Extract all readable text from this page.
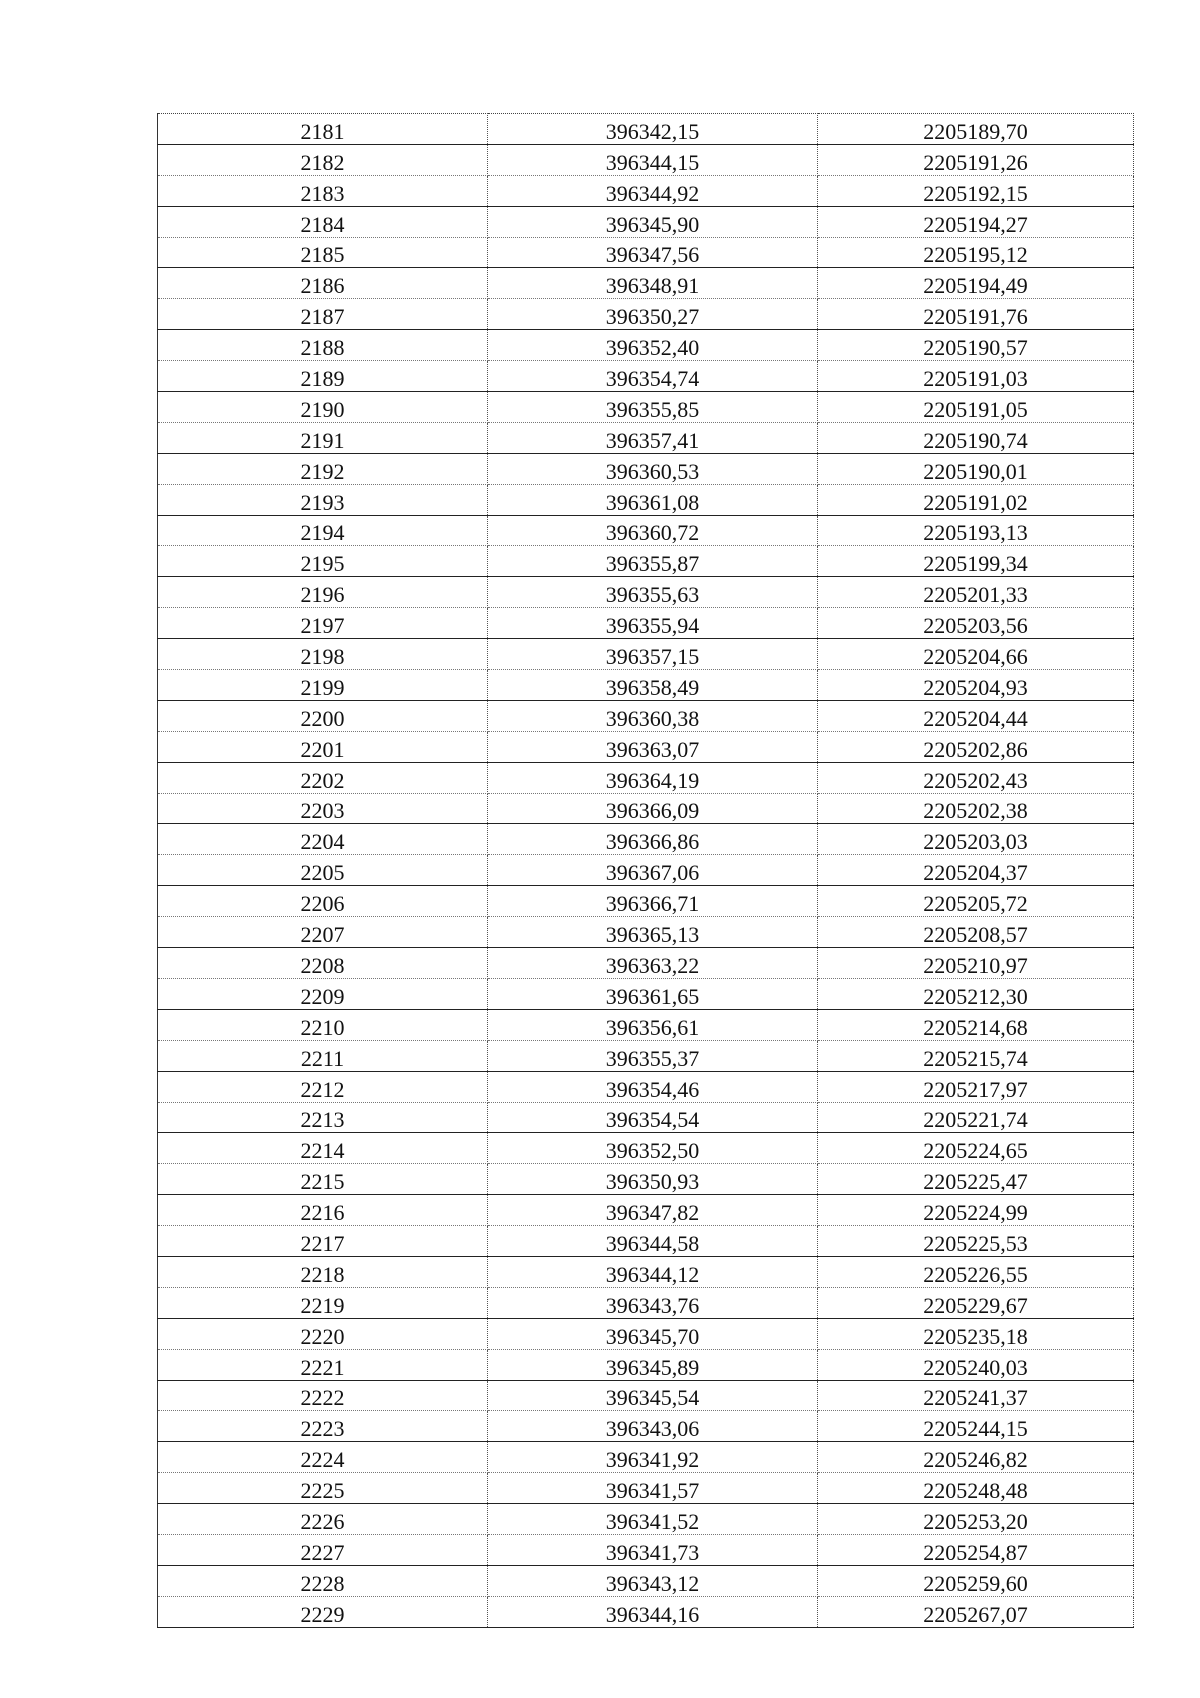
2181	396342,15	2205189,70
2182	396344,15	2205191,26
2183	396344,92	2205192,15
2184	396345,90	2205194,27
2185	396347,56	2205195,12
2186	396348,91	2205194,49
2187	396350,27	2205191,76
2188	396352,40	2205190,57
2189	396354,74	2205191,03
2190	396355,85	2205191,05
2191	396357,41	2205190,74
2192	396360,53	2205190,01
2193	396361,08	2205191,02
2194	396360,72	2205193,13
2195	396355,87	2205199,34
2196	396355,63	2205201,33
2197	396355,94	2205203,56
2198	396357,15	2205204,66
2199	396358,49	2205204,93
2200	396360,38	2205204,44
2201	396363,07	2205202,86
2202	396364,19	2205202,43
2203	396366,09	2205202,38
2204	396366,86	2205203,03
2205	396367,06	2205204,37
2206	396366,71	2205205,72
2207	396365,13	2205208,57
2208	396363,22	2205210,97
2209	396361,65	2205212,30
2210	396356,61	2205214,68
2211	396355,37	2205215,74
2212	396354,46	2205217,97
2213	396354,54	2205221,74
2214	396352,50	2205224,65
2215	396350,93	2205225,47
2216	396347,82	2205224,99
2217	396344,58	2205225,53
2218	396344,12	2205226,55
2219	396343,76	2205229,67
2220	396345,70	2205235,18
2221	396345,89	2205240,03
2222	396345,54	2205241,37
2223	396343,06	2205244,15
2224	396341,92	2205246,82
2225	396341,57	2205248,48
2226	396341,52	2205253,20
2227	396341,73	2205254,87
2228	396343,12	2205259,60
2229	396344,16	2205267,07
